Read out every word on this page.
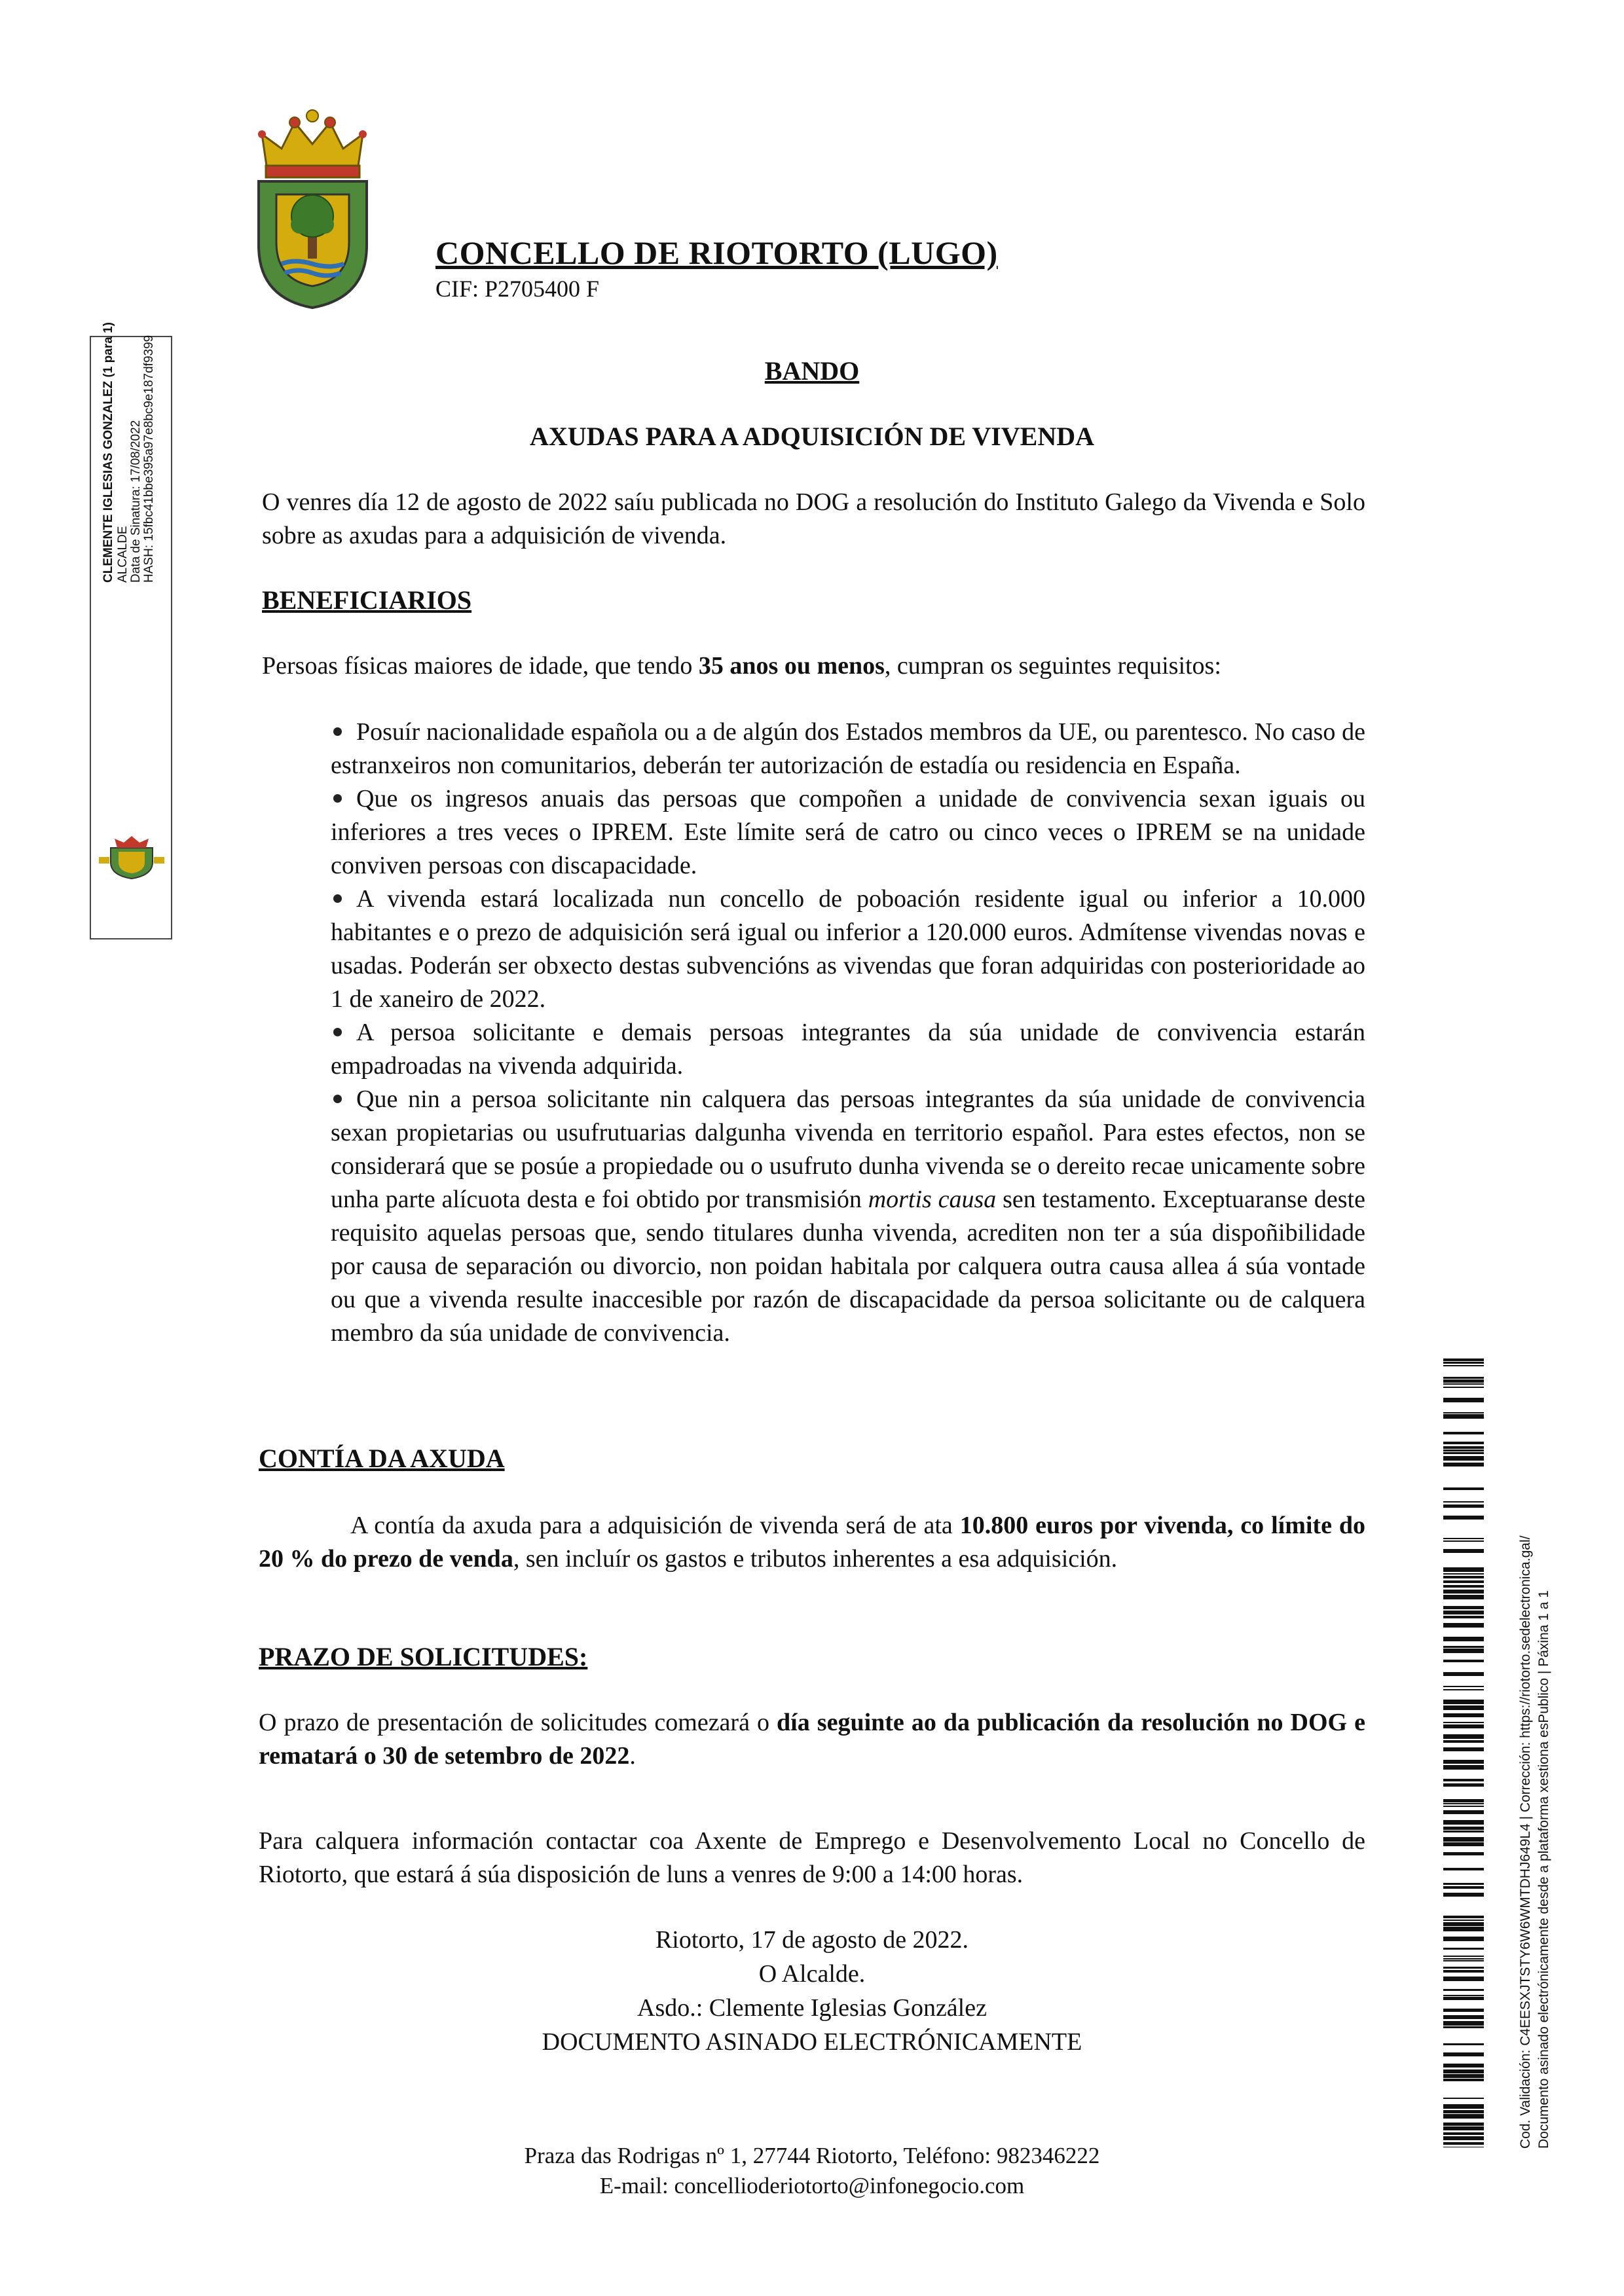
CONCELLO DE RIOTORTO (LUGO)
CIF: P2705400 F
CLEMENTE IGLESIAS GONZALEZ (1 para 1) ALCALDE Data de Sinatura: 17/08/2022 HASH: 15fbc41bbe395a97e8bc9e187df9399	BANDO
AXUDAS PARA A ADQUISICIÓN DE VIVENDA

O venres día 12 de agosto de 2022 saíu publicada no DOG a resolución do Instituto Galego da Vivenda e Solo sobre as axudas para a adquisición de vivenda.

BENEFICIARIOS

Persoas físicas maiores de idade, que tendo 35 anos ou menos, cumpran os seguintes requisitos:

Posuír nacionalidade española ou a de algún dos Estados membros da UE, ou parentesco. No caso de estranxeiros non comunitarios, deberán ter autorización de estadía ou residencia en España.
Que os ingresos anuais das persoas que compoñen a unidade de convivencia sexan iguais ou inferiores a tres veces o IPREM. Este límite será de catro ou cinco veces o IPREM se na unidade conviven persoas con discapacidade.
A vivenda estará localizada nun concello de poboación residente igual ou inferior a 10.000 habitantes e o prezo de adquisición será igual ou inferior a 120.000 euros. Admítense vivendas novas e usadas. Poderán ser obxecto destas subvencións as vivendas que foran adquiridas con posterioridade ao 1 de xaneiro de 2022.
A persoa solicitante e demais persoas integrantes da súa unidade de convivencia estarán empadroadas na vivenda adquirida.
Que nin a persoa solicitante nin calquera das persoas integrantes da súa unidade de convivencia sexan propietarias ou usufrutuarias dalgunha vivenda en territorio español. Para estes efectos, non se considerará que se posúe a propiedade ou o usufruto dunha vivenda se o dereito recae unicamente sobre unha parte alícuota desta e foi obtido por transmisión mortis causa sen testamento. Exceptuaranse deste requisito aquelas persoas que, sendo titulares dunha vivenda, acrediten non ter a súa dispoñibilidade por causa de separación ou divorcio, non poidan habitala por calquera outra causa allea á súa vontade ou que a vivenda resulte inaccesible por razón de discapacidade da persoa solicitante ou de calquera membro da súa unidade de convivencia.
CONTÍA DA AXUDA

A contía da axuda para a adquisición de vivenda será de ata 10.800 euros por vivenda, co límite do 20 % do prezo de venda, sen incluír os gastos e tributos inherentes a esa adquisición.

PRAZO DE SOLICITUDES:

O prazo de presentación de solicitudes comezará o día seguinte ao da publicación da resolución no DOG e rematará o 30 de setembro de 2022.

Para calquera información contactar coa Axente de Emprego e Desenvolvemento Local no Concello de Riotorto, que estará á súa disposición de luns a venres de 9:00 a 14:00 horas.

Riotorto, 17 de agosto de 2022.
O Alcalde.
Asdo.: Clemente Iglesias González
DOCUMENTO ASINADO ELECTRÓNICAMENTE
Praza das Rodrigas nº 1, 27744 Riotorto, Teléfono: 982346222
E-mail: concellioderiotorto@infonegocio.com
Cod. Validación: C4EESXJTSTY6W6WMTDHJ649L4 | Corrección: https://riotorto.sedelectronica.gal/ Documento asinado electrónicamente desde a plataforma xestiona esPublico | Páxina 1 a 1
